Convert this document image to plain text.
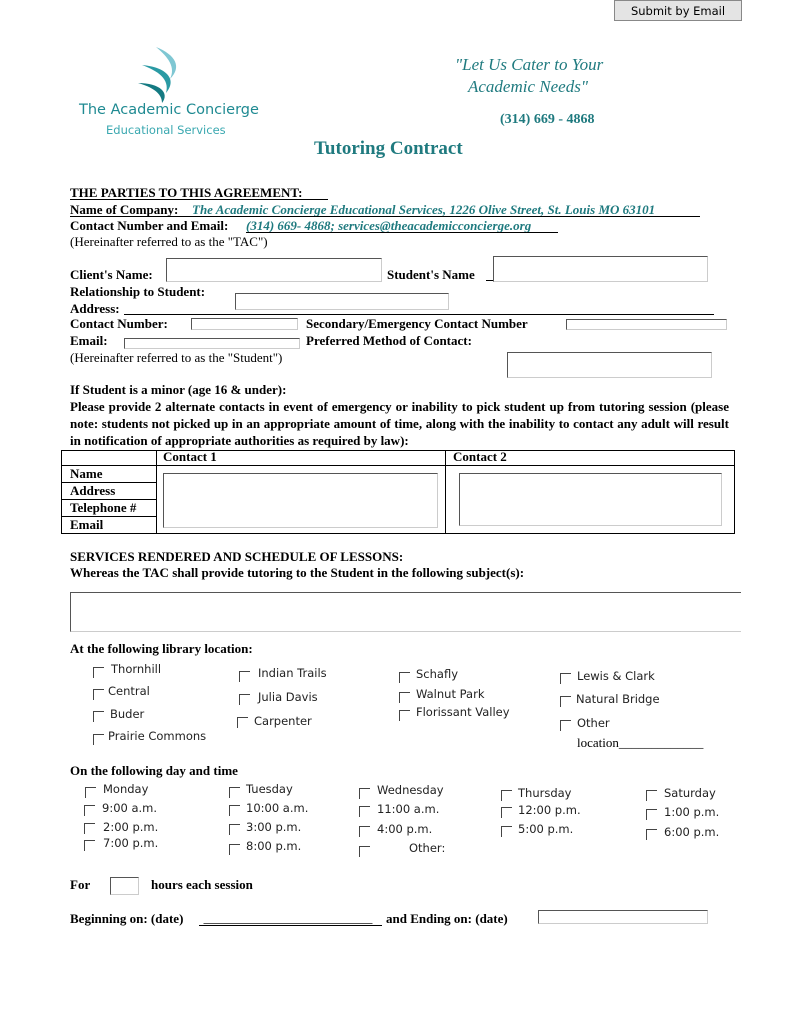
Submit by Email
The Academic Concierge
Educational Services
"Let Us Cater to Your
Academic Needs"
(314) 669 - 4868
Tutoring Contract
THE PARTIES TO THIS AGREEMENT:
Name of Company: The Academic Concierge Educational Services, 1226 Olive Street, St. Louis MO 63101
Contact Number and Email: (314) 669- 4868; services@theacademicconcierge.org
(Hereinafter referred to as the "TAC")
Client's Name:	Student's Name
Relationship to Student:
Address:
Contact Number:	Secondary/Emergency Contact Number
Email:	Preferred Method of Contact:
(Hereinafter referred to as the "Student")
If Student is a minor (age 16 & under):
Please provide 2 alternate contacts in event of emergency or inability to pick student up from tutoring session (please note: students not picked up in an appropriate amount of time, along with the inability to contact any adult will result in notification of appropriate authorities as required by law):
Contact 1	Contact 2
Name
Address
Telephone #
Email
SERVICES RENDERED AND SCHEDULE OF LESSONS:
Whereas the TAC shall provide tutoring to the Student in the following subject(s):
At the following library location:
Thornhill
Central
Buder
Prairie Commons
Indian Trails
Julia Davis
Carpenter
Schafly
Walnut Park
Florissant Valley
Lewis & Clark
Natural Bridge
Other
location_____________
On the following day and time
Monday
9:00 a.m.
2:00 p.m.
7:00 p.m.
Tuesday
10:00 a.m.
3:00 p.m.
8:00 p.m.
Wednesday
11:00 a.m.
4:00 p.m.
Other:
Thursday
12:00 p.m.
5:00 p.m.
Saturday
1:00 p.m.
6:00 p.m.
For	hours each session
Beginning on: (date)	and Ending on: (date)
